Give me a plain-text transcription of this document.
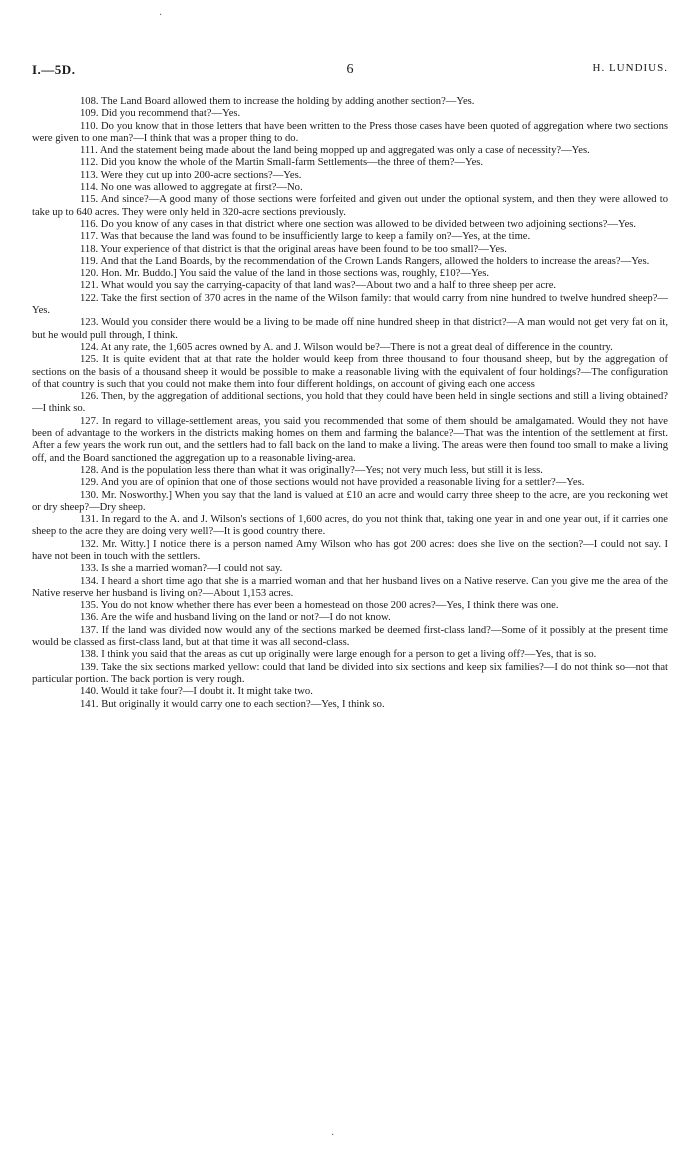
·
I.—5D.	6	H. LUNDIUS.

108. The Land Board allowed them to increase the holding by adding another section?—Yes.

109. Did you recommend that?—Yes.

110. Do you know that in those letters that have been written to the Press those cases have been quoted of aggregation where two sections were given to one man?—I think that was a proper thing to do.

111. And the statement being made about the land being mopped up and aggregated was only a case of necessity?—Yes.

112. Did you know the whole of the Martin Small-farm Settlements—the three of them?—Yes.

113. Were they cut up into 200-acre sections?—Yes.

114. No one was allowed to aggregate at first?—No.

115. And since?—A good many of those sections were forfeited and given out under the optional system, and then they were allowed to take up to 640 acres. They were only held in 320-acre sections previously.

116. Do you know of any cases in that district where one section was allowed to be divided between two adjoining sections?—Yes.

117. Was that because the land was found to be insufficiently large to keep a family on?—Yes, at the time.

118. Your experience of that district is that the original areas have been found to be too small?—Yes.

119. And that the Land Boards, by the recommendation of the Crown Lands Rangers, allowed the holders to increase the areas?—Yes.

120. Hon. Mr. Buddo.] You said the value of the land in those sections was, roughly, £10?—Yes.

121. What would you say the carrying-capacity of that land was?—About two and a half to three sheep per acre.

122. Take the first section of 370 acres in the name of the Wilson family: that would carry from nine hundred to twelve hundred sheep?—Yes.

123. Would you consider there would be a living to be made off nine hundred sheep in that district?—A man would not get very fat on it, but he would pull through, I think.

124. At any rate, the 1,605 acres owned by A. and J. Wilson would be?—There is not a great deal of difference in the country.

125. It is quite evident that at that rate the holder would keep from three thousand to four thousand sheep, but by the aggregation of sections on the basis of a thousand sheep it would be possible to make a reasonable living with the equivalent of four holdings?—The configuration of that country is such that you could not make them into four different holdings, on account of giving each one access

126. Then, by the aggregation of additional sections, you hold that they could have been held in single sections and still a living obtained?—I think so.

127. In regard to village-settlement areas, you said you recommended that some of them should be amalgamated. Would they not have been of advantage to the workers in the districts making homes on them and farming the balance?—That was the intention of the settlement at first. After a few years the work run out, and the settlers had to fall back on the land to make a living. The areas were then found too small to make a living off, and the Board sanctioned the aggregation up to a reasonable living-area.

128. And is the population less there than what it was originally?—Yes; not very much less, but still it is less.

129. And you are of opinion that one of those sections would not have provided a reasonable living for a settler?—Yes.

130. Mr. Nosworthy.] When you say that the land is valued at £10 an acre and would carry three sheep to the acre, are you reckoning wet or dry sheep?—Dry sheep.

131. In regard to the A. and J. Wilson's sections of 1,600 acres, do you not think that, taking one year in and one year out, if it carries one sheep to the acre they are doing very well?—It is good country there.

132. Mr. Witty.] I notice there is a person named Amy Wilson who has got 200 acres: does she live on the section?—I could not say. I have not been in touch with the settlers.

133. Is she a married woman?—I could not say.

134. I heard a short time ago that she is a married woman and that her husband lives on a Native reserve. Can you give me the area of the Native reserve her husband is living on?—About 1,153 acres.

135. You do not know whether there has ever been a homestead on those 200 acres?—Yes, I think there was one.

136. Are the wife and husband living on the land or not?—I do not know.

137. If the land was divided now would any of the sections marked be deemed first-class land?—Some of it possibly at the present time would be classed as first-class land, but at that time it was all second-class.

138. I think you said that the areas as cut up originally were large enough for a person to get a living off?—Yes, that is so.

139. Take the six sections marked yellow: could that land be divided into six sections and keep six families?—I do not think so—not that particular portion. The back portion is very rough.

140. Would it take four?—I doubt it. It might take two.

141. But originally it would carry one to each section?—Yes, I think so.

·
